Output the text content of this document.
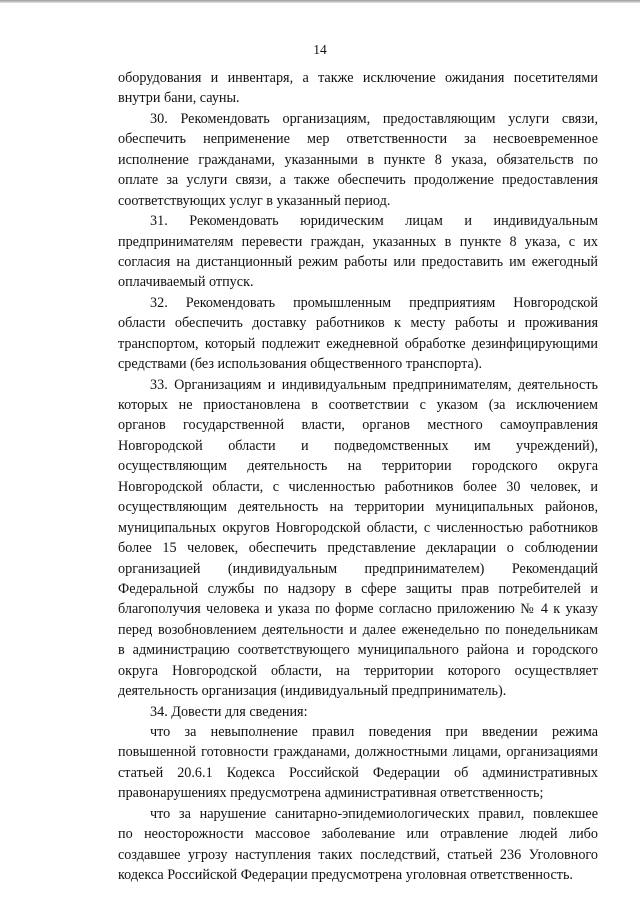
14
оборудования и инвентаря, а также исключение ожидания посетителями
внутри бани, сауны.
30. Рекомендовать организациям, предоставляющим услуги связи,
обеспечить неприменение мер ответственности за несвоевременное
исполнение гражданами, указанными в пункте 8 указа, обязательств по
оплате за услуги связи, а также обеспечить продолжение предоставления
соответствующих услуг в указанный период.
31. Рекомендовать юридическим лицам и индивидуальным
предпринимателям перевести граждан, указанных в пункте 8 указа, с их
согласия на дистанционный режим работы или предоставить им ежегодный
оплачиваемый отпуск.
32. Рекомендовать промышленным предприятиям Новгородской
области обеспечить доставку работников к месту работы и проживания
транспортом, который подлежит ежедневной обработке дезинфицирующими
средствами (без использования общественного транспорта).
33. Организациям и индивидуальным предпринимателям, деятельность
которых не приостановлена в соответствии с указом (за исключением
органов государственной власти, органов местного самоуправления
Новгородской области и подведомственных им учреждений),
осуществляющим деятельность на территории городского округа
Новгородской области, с численностью работников более 30 человек, и
осуществляющим деятельность на территории муниципальных районов,
муниципальных округов Новгородской области, с численностью работников
более 15 человек, обеспечить представление декларации о соблюдении
организацией (индивидуальным предпринимателем) Рекомендаций
Федеральной службы по надзору в сфере защиты прав потребителей и
благополучия человека и указа по форме согласно приложению № 4 к указу
перед возобновлением деятельности и далее еженедельно по понедельникам
в администрацию соответствующего муниципального района и городского
округа Новгородской области, на территории которого осуществляет
деятельность организация (индивидуальный предприниматель).
34. Довести для сведения:
что за невыполнение правил поведения при введении режима
повышенной готовности гражданами, должностными лицами, организациями
статьей 20.6.1 Кодекса Российской Федерации об административных
правонарушениях предусмотрена административная ответственность;
что за нарушение санитарно-эпидемиологических правил, повлекшее
по неосторожности массовое заболевание или отравление людей либо
создавшее угрозу наступления таких последствий, статьей 236 Уголовного
кодекса Российской Федерации предусмотрена уголовная ответственность.
